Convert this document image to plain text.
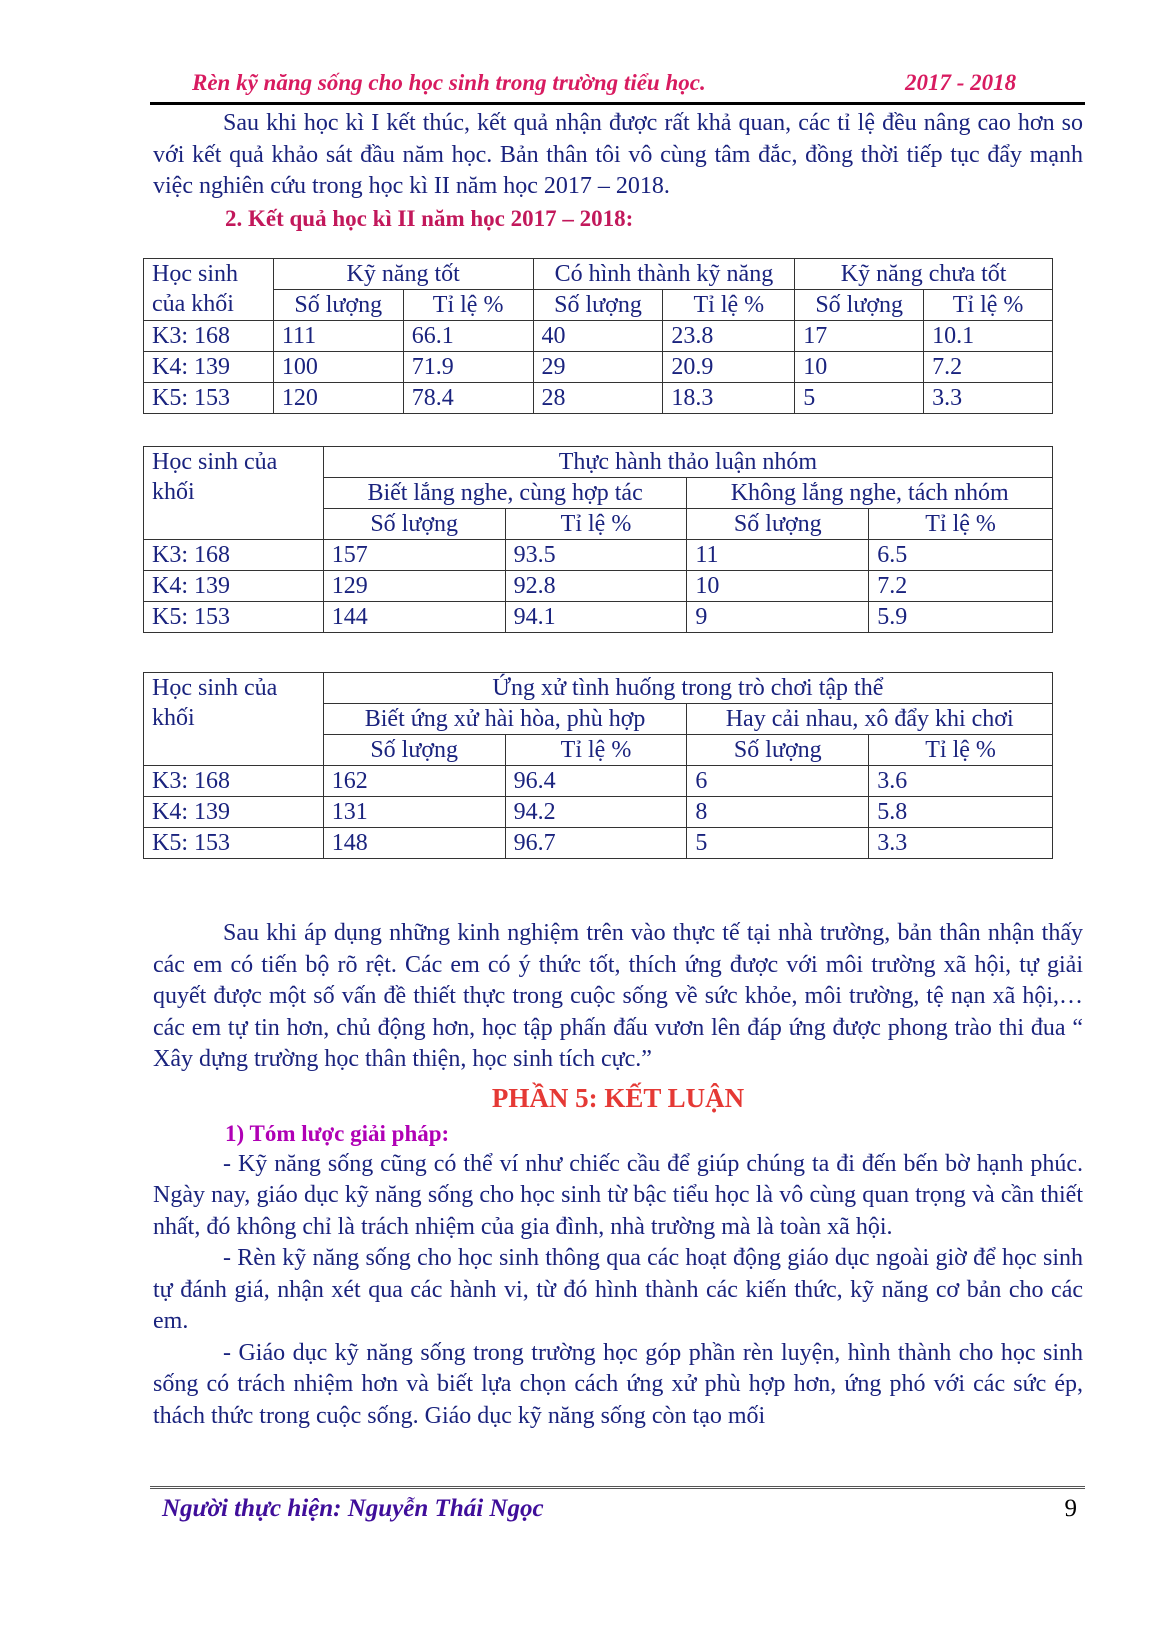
Rèn kỹ năng sống cho học sinh trong trường tiểu học.	2017 - 2018

Sau khi học kì I kết thúc, kết quả nhận được rất khả quan, các tỉ lệ đều nâng cao hơn so với kết quả khảo sát đầu năm học. Bản thân tôi vô cùng tâm đắc, đồng thời tiếp tục đẩy mạnh việc nghiên cứu trong học kì II năm học 2017 – 2018.

2. Kết quả học kì II năm học 2017 – 2018:

Học sinh của khối	Kỹ năng tốt		Có hình thành kỹ năng		Kỹ năng chưa tốt	
	Số lượng	Tỉ lệ %	Số lượng	Tỉ lệ %	Số lượng	Tỉ lệ %
K3: 168	111	66.1	40	23.8	17	10.1
K4: 139	100	71.9	29	20.9	10	7.2
K5: 153	120	78.4	28	18.3	5	3.3
Học sinh của khối	Thực hành thảo luận nhóm			
	Biết lắng nghe, cùng hợp tác		Không lắng nghe, tách nhóm	
	Số lượng	Tỉ lệ %	Số lượng	Tỉ lệ %
K3: 168	157	93.5	11	6.5
K4: 139	129	92.8	10	7.2
K5: 153	144	94.1	9	5.9
Học sinh của khối	Ứng xử tình huống trong trò chơi tập thể			
	Biết ứng xử hài hòa, phù hợp		Hay cải nhau, xô đẩy khi chơi	
	Số lượng	Tỉ lệ %	Số lượng	Tỉ lệ %
K3: 168	162	96.4	6	3.6
K4: 139	131	94.2	8	5.8
K5: 153	148	96.7	5	3.3

Sau khi áp dụng những kinh nghiệm trên vào thực tế tại nhà trường, bản thân nhận thấy các em có tiến bộ rõ rệt. Các em có ý thức tốt, thích ứng được với môi trường xã hội, tự giải quyết được một số vấn đề thiết thực trong cuộc sống về sức khỏe, môi trường, tệ nạn xã hội,…các em tự tin hơn, chủ động hơn, học tập phấn đấu vươn lên đáp ứng được phong trào thi đua “ Xây dựng trường học thân thiện, học sinh tích cực.”

PHẦN 5: KẾT LUẬN

1) Tóm lược giải pháp:

- Kỹ năng sống cũng có thể ví như chiếc cầu để giúp chúng ta đi đến bến bờ hạnh phúc. Ngày nay, giáo dục kỹ năng sống cho học sinh từ bậc tiểu học là vô cùng quan trọng và cần thiết nhất, đó không chỉ là trách nhiệm của gia đình, nhà trường mà là toàn xã hội.

- Rèn kỹ năng sống cho học sinh thông qua các hoạt động giáo dục ngoài giờ để học sinh tự đánh giá, nhận xét qua các hành vi, từ đó hình thành các kiến thức, kỹ năng cơ bản cho các em.

- Giáo dục kỹ năng sống trong trường học góp phần rèn luyện, hình thành cho học sinh sống có trách nhiệm hơn và biết lựa chọn cách ứng xử phù hợp hơn, ứng phó với các sức ép, thách thức trong cuộc sống. Giáo dục kỹ năng sống còn tạo mối

Người thực hiện: Nguyễn Thái Ngọc	9
